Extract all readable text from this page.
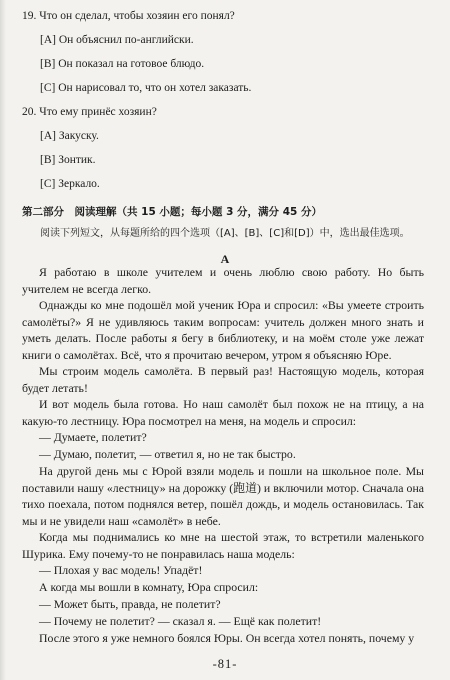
19. Что он сделал, чтобы хозяин его понял?
[A] Он объяснил по-английски.
[B] Он показал на готовое блюдо.
[C] Он нарисовал то, что он хотел заказать.
20. Что ему принёс хозяин?
[A] Закуску.
[B] Зонтик.
[C] Зеркало.
第二部分　阅读理解（共 15 小题；每小题 3 分，满分 45 分）
阅读下列短文，从每题所给的四个选项（[A]、[B]、[C]和[D]）中，选出最佳选项。
A

Я работаю в школе учителем и очень люблю свою работу. Но быть учителем не всегда легко.

Однажды ко мне подошёл мой ученик Юра и спросил: «Вы умеете строить самолёты?» Я не удивляюсь таким вопросам: учитель должен много знать и уметь делать. После работы я бегу в библиотеку, и на моём столе уже лежат книги о самолётах. Всё, что я прочитаю вечером, утром я объясняю Юре.

Мы строим модель самолёта. В первый раз! Настоящую модель, которая будет летать!

И вот модель была готова. Но наш самолёт был похож не на птицу, а на какую-то лестницу. Юра посмотрел на меня, на модель и спросил:

— Думаете, полетит?

— Думаю, полетит, — ответил я, но не так быстро.

На другой день мы с Юрой взяли модель и пошли на школьное поле. Мы поставили нашу «лестницу» на дорожку (跑道) и включили мотор. Сначала она тихо поехала, потом поднялся ветер, пошёл дождь, и модель остановилась. Так мы и не увидели наш «самолёт» в небе.

Когда мы поднимались ко мне на шестой этаж, то встретили маленького Шурика. Ему почему-то не понравилась наша модель:

— Плохая у вас модель! Упадёт!

А когда мы вошли в комнату, Юра спросил:

— Может быть, правда, не полетит?

— Почему не полетит? — сказал я. — Ещё как полетит!

После этого я уже немного боялся Юры. Он всегда хотел понять, почему у

-81-
